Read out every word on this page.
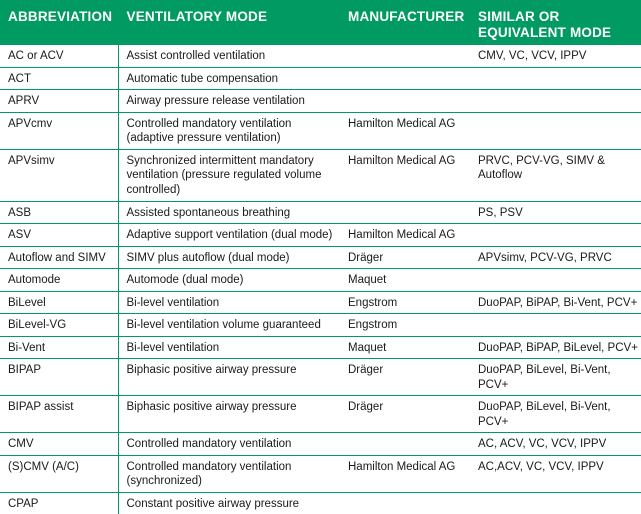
ABBREVIATION	VENTILATORY MODE	MANUFACTURER	SIMILAR OR EQUIVALENT MODE
AC or ACV	Assist controlled ventilation		CMV, VC, VCV, IPPV
ACT	Automatic tube compensation		
APRV	Airway pressure release ventilation		
APVcmv	Controlled mandatory ventilation (adaptive pressure ventilation)	Hamilton Medical AG	
APVsimv	Synchronized intermittent mandatory ventilation (pressure regulated volume controlled)	Hamilton Medical AG	PRVC, PCV-VG, SIMV & Autoflow
ASB	Assisted spontaneous breathing		PS, PSV
ASV	Adaptive support ventilation (dual mode)	Hamilton Medical AG	
Autoflow and SIMV	SIMV plus autoflow (dual mode)	Dräger	APVsimv, PCV-VG, PRVC
Automode	Automode (dual mode)	Maquet	
BiLevel	Bi-level ventilation	Engstrom	DuoPAP, BiPAP, Bi-Vent, PCV+
BiLevel-VG	Bi-level ventilation volume guaranteed	Engstrom	
Bi-Vent	Bi-level ventilation	Maquet	DuoPAP, BiPAP, BiLevel, PCV+
BIPAP	Biphasic positive airway pressure	Dräger	DuoPAP, BiLevel, Bi-Vent, PCV+
BIPAP assist	Biphasic positive airway pressure	Dräger	DuoPAP, BiLevel, Bi-Vent, PCV+
CMV	Controlled mandatory ventilation		AC, ACV, VC, VCV, IPPV
(S)CMV (A/C)	Controlled mandatory ventilation (synchronized)	Hamilton Medical AG	AC,ACV, VC, VCV, IPPV
CPAP	Constant positive airway pressure		
